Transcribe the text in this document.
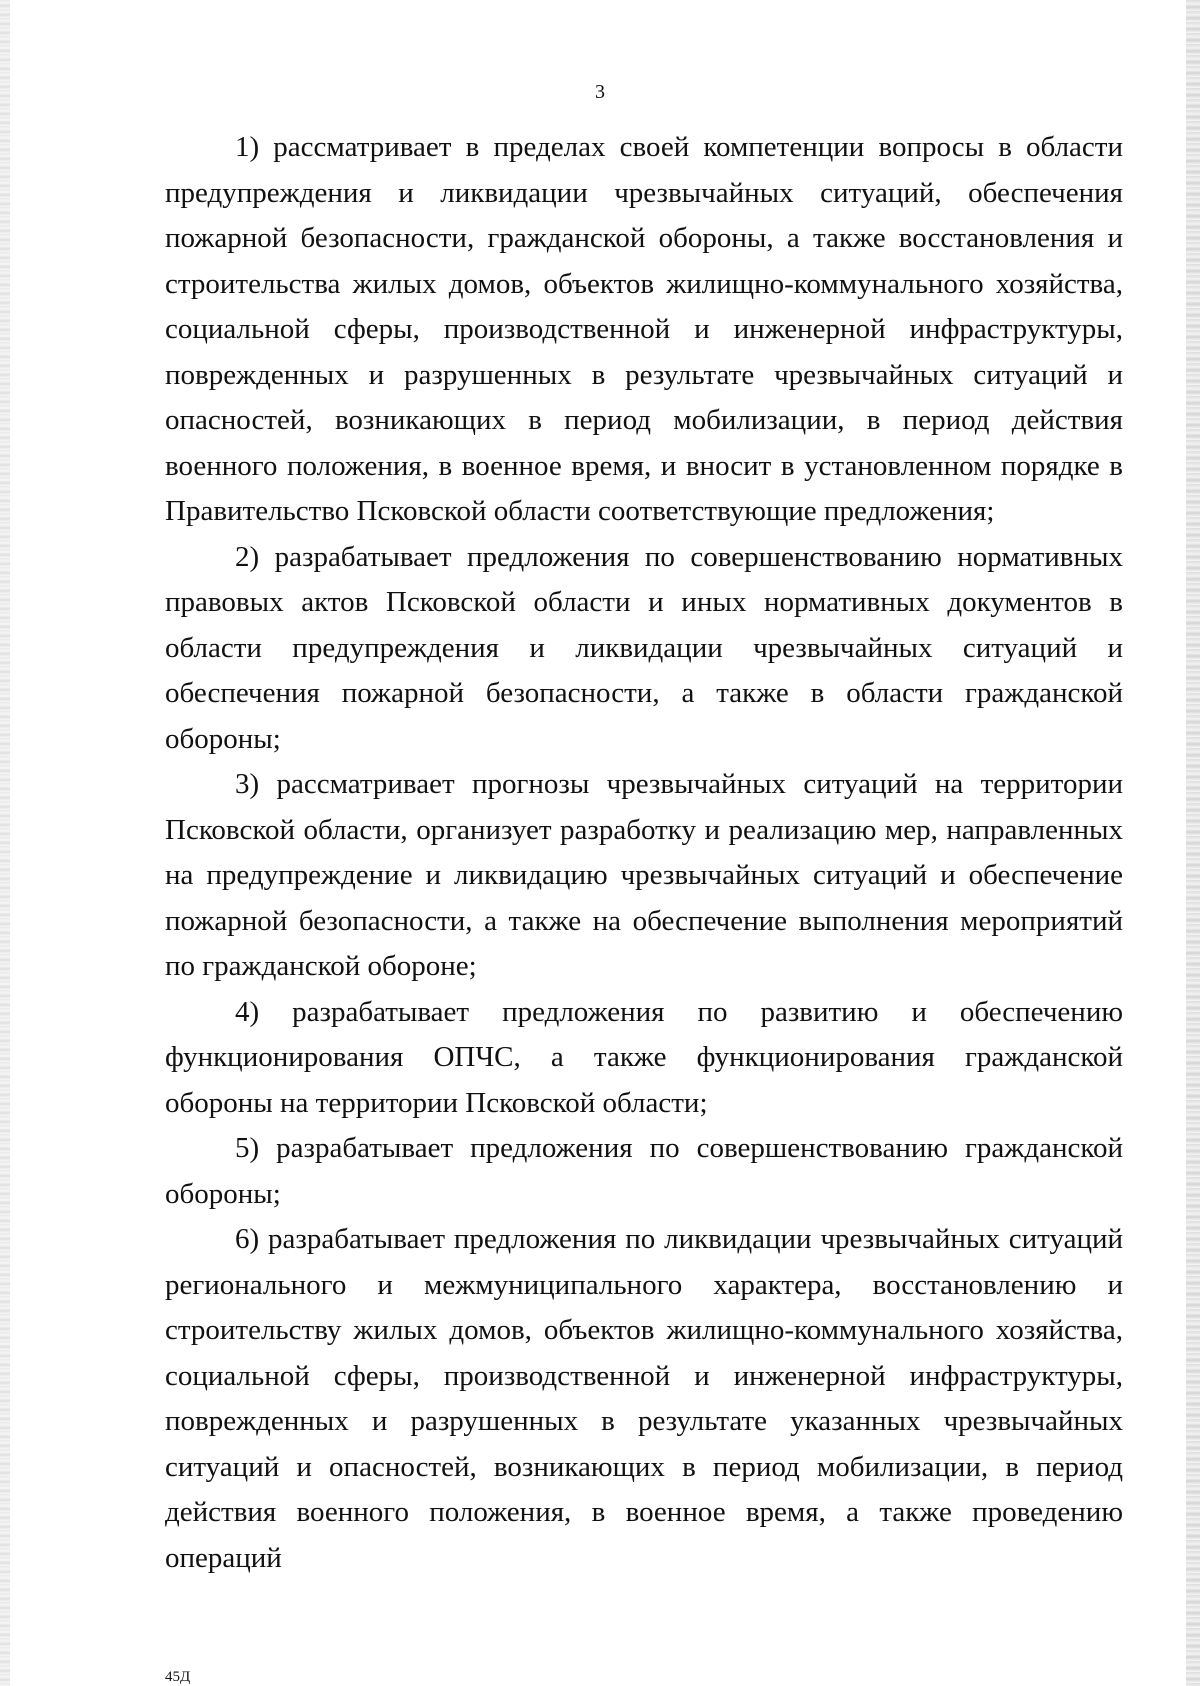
3

1) рассматривает в пределах своей компетенции вопросы в области предупреждения и ликвидации чрезвычайных ситуаций, обеспечения пожарной безопасности, гражданской обороны, а также восстановления и строительства жилых домов, объектов жилищно-коммунального хозяйства, социальной сферы, производственной и инженерной инфраструктуры, поврежденных и разрушенных в результате чрезвычайных ситуаций и опасностей, возникающих в период мобилизации, в период действия военного положения, в военное время, и вносит в установленном порядке в Правительство Псковской области соответствующие предложения;

2) разрабатывает предложения по совершенствованию нормативных правовых актов Псковской области и иных нормативных документов в области предупреждения и ликвидации чрезвычайных ситуаций и обеспечения пожарной безопасности, а также в области гражданской обороны;

3) рассматривает прогнозы чрезвычайных ситуаций на территории Псковской области, организует разработку и реализацию мер, направленных на предупреждение и ликвидацию чрезвычайных ситуаций и обеспечение пожарной безопасности, а также на обеспечение выполнения мероприятий по гражданской обороне;

4) разрабатывает предложения по развитию и обеспечению функционирования ОПЧС, а также функционирования гражданской обороны на территории Псковской области;

5) разрабатывает предложения по совершенствованию гражданской обороны;

6) разрабатывает предложения по ликвидации чрезвычайных ситуаций регионального и межмуниципального характера, восстановлению и строительству жилых домов, объектов жилищно-коммунального хозяйства, социальной сферы, производственной и инженерной инфраструктуры, поврежденных и разрушенных в результате указанных чрезвычайных ситуаций и опасностей, возникающих в период мобилизации, в период действия военного положения, в военное время, а также проведению операций

45Д
